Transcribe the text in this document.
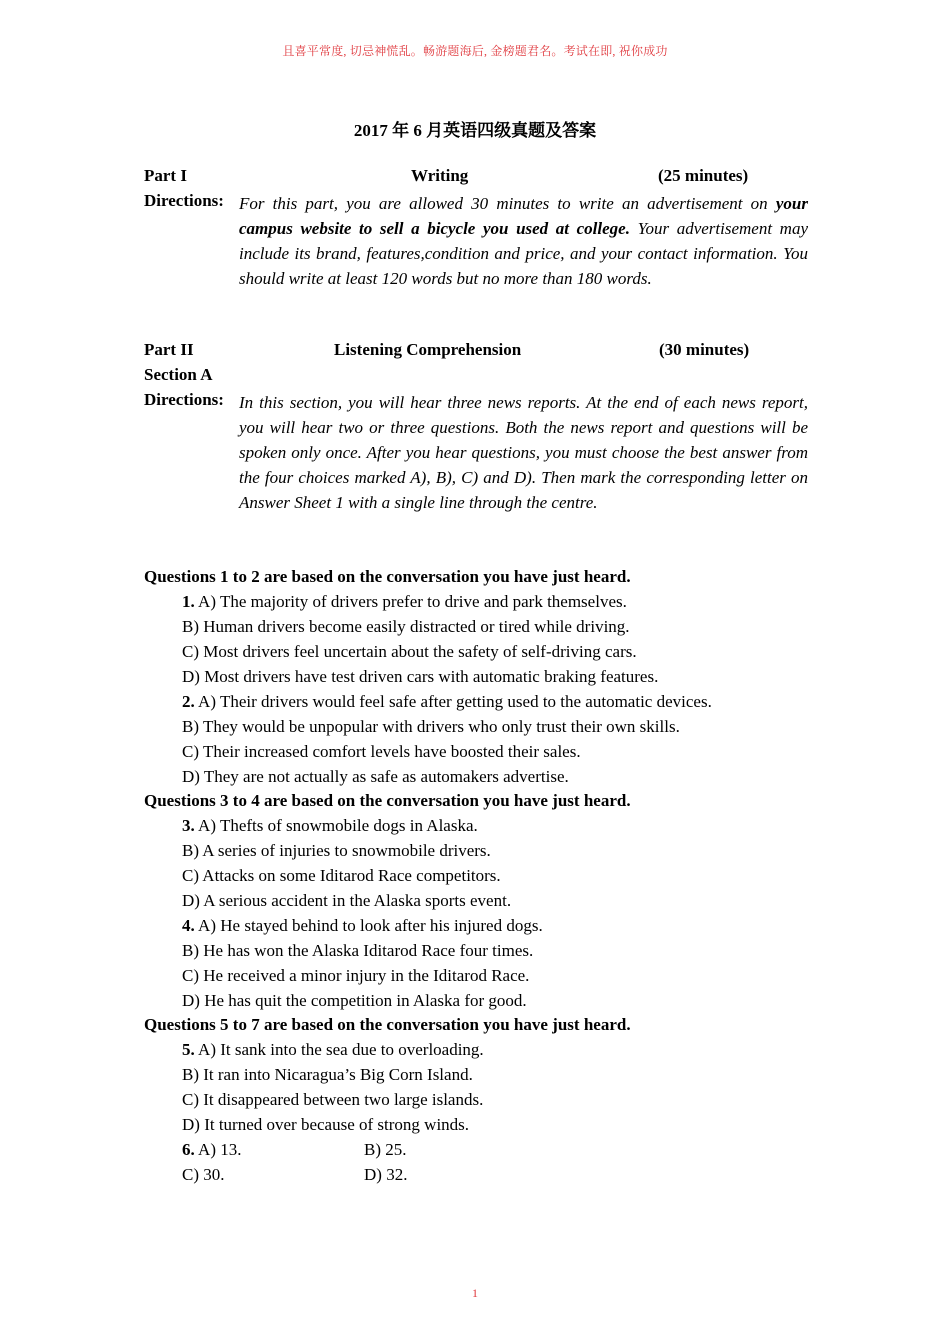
且喜平常度, 切忌神慌乱。畅游题海后, 金榜题君名。考试在即, 祝你成功
2017 年 6 月英语四级真题及答案
Part I	Writing	(25 minutes)
Directions: For this part, you are allowed 30 minutes to write an advertisement on your campus website to sell a bicycle you used at college. Your advertisement may include its brand, features,condition and price, and your contact information. You should write at least 120 words but no more than 180 words.
Part II	Listening Comprehension	(30 minutes)
Section A
Directions: In this section, you will hear three news reports. At the end of each news report, you will hear two or three questions. Both the news report and questions will be spoken only once. After you hear questions, you must choose the best answer from the four choices marked A), B), C) and D). Then mark the corresponding letter on Answer Sheet 1 with a single line through the centre.
Questions 1 to 2 are based on the conversation you have just heard.
1. A) The majority of drivers prefer to drive and park themselves.
B) Human drivers become easily distracted or tired while driving.
C) Most drivers feel uncertain about the safety of self-driving cars.
D) Most drivers have test driven cars with automatic braking features.
2. A) Their drivers would feel safe after getting used to the automatic devices.
B) They would be unpopular with drivers who only trust their own skills.
C) Their increased comfort levels have boosted their sales.
D) They are not actually as safe as automakers advertise.
Questions 3 to 4 are based on the conversation you have just heard.
3. A) Thefts of snowmobile dogs in Alaska.
B) A series of injuries to snowmobile drivers.
C) Attacks on some Iditarod Race competitors.
D) A serious accident in the Alaska sports event.
4. A) He stayed behind to look after his injured dogs.
B) He has won the Alaska Iditarod Race four times.
C) He received a minor injury in the Iditarod Race.
D) He has quit the competition in Alaska for good.
Questions 5 to 7 are based on the conversation you have just heard.
5. A) It sank into the sea due to overloading.
B) It ran into Nicaragua’s Big Corn Island.
C) It disappeared between two large islands.
D) It turned over because of strong winds.
6. A) 13.	B) 25.
C) 30.	D) 32.
1
